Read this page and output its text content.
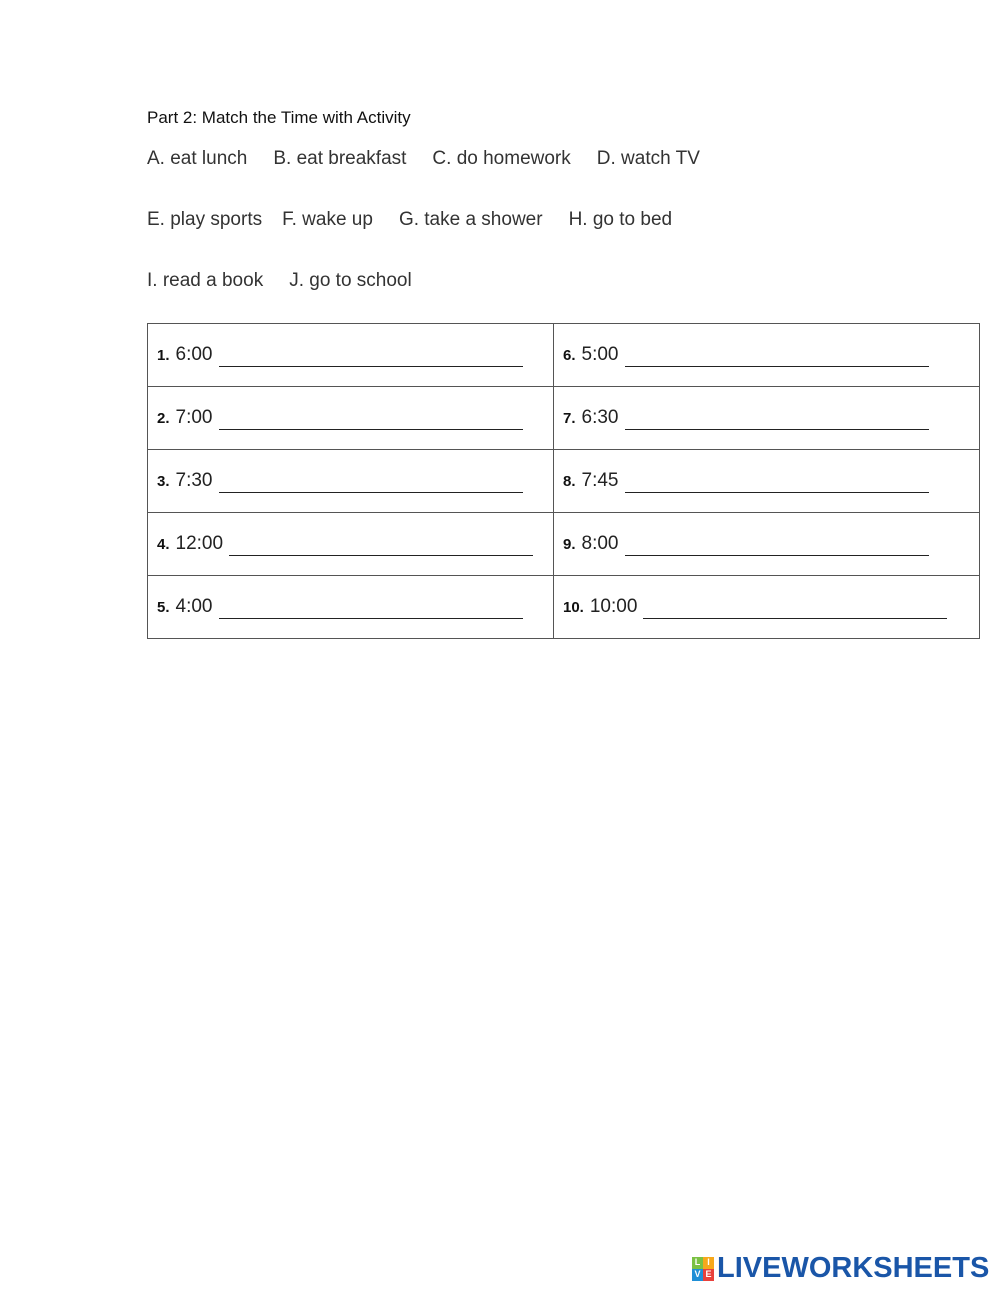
Part 2: Match the Time with Activity
A. eat lunch B. eat breakfast C. do homework D. watch TV
E. play sports F. wake up G. take a shower H. go to bed
I. read a book J. go to school
1. 6:00	6. 5:00
2. 7:00	7. 6:30
3. 7:30	8. 7:45
4. 12:00	9. 8:00
5. 4:00	10. 10:00
L I
V E LIVEWORKSHEETS
